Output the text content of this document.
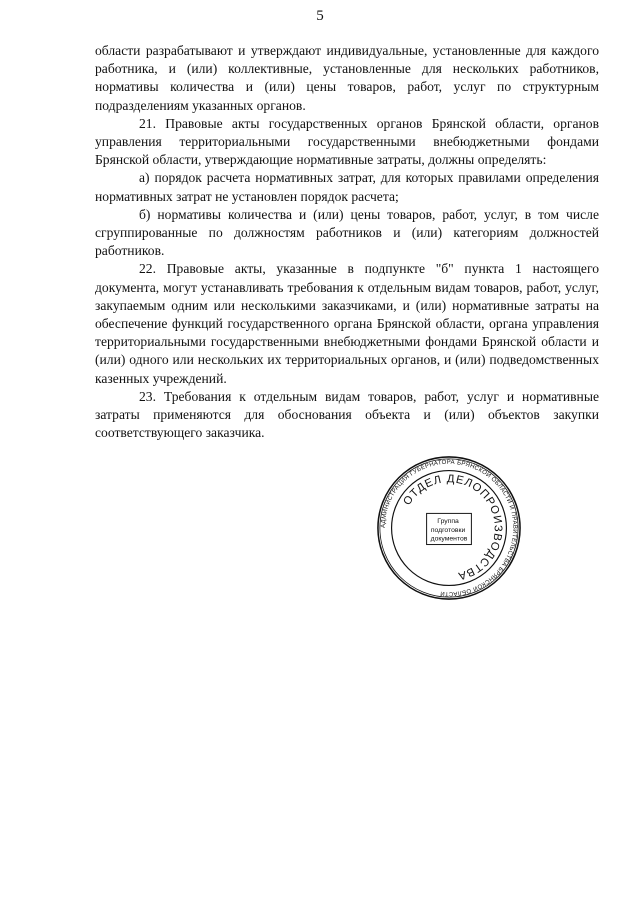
5

области разрабатывают и утверждают индивидуальные, установленные для каждого работника, и (или) коллективные, установленные для нескольких работников, нормативы количества и (или) цены товаров, работ, услуг по структурным подразделениям указанных органов.

21. Правовые акты государственных органов Брянской области, органов управления территориальными государственными внебюджетными фондами Брянской области, утверждающие нормативные затраты, должны определять:

а) порядок расчета нормативных затрат, для которых правилами определения нормативных затрат не установлен порядок расчета;

б) нормативы количества и (или) цены товаров, работ, услуг, в том числе сгруппированные по должностям работников и (или) категориям должностей работников.

22. Правовые акты, указанные в подпункте "б" пункта 1 настоящего документа, могут устанавливать требования к отдельным видам товаров, работ, услуг, закупаемым одним или несколькими заказчиками, и (или) нормативные затраты на обеспечение функций государственного органа Брянской области, органа управления территориальными государственными внебюджетными фондами Брянской области и (или) одного или нескольких их территориальных органов, и (или) подведомственных казенных учреждений.

23. Требования к отдельным видам товаров, работ, услуг и нормативные затраты применяются для обоснования объекта и (или) объектов закупки соответствующего заказчика.

АДМИНИСТРАЦИЯ ГУБЕРНАТОРА БРЯНСКОЙ ОБЛАСТИ И ПРАВИТЕЛЬСТВА БРЯНСКОЙ ОБЛАСТИ
ОТДЕЛ ДЕЛОПРОИЗВОДСТВА
Группа подготовки документов
